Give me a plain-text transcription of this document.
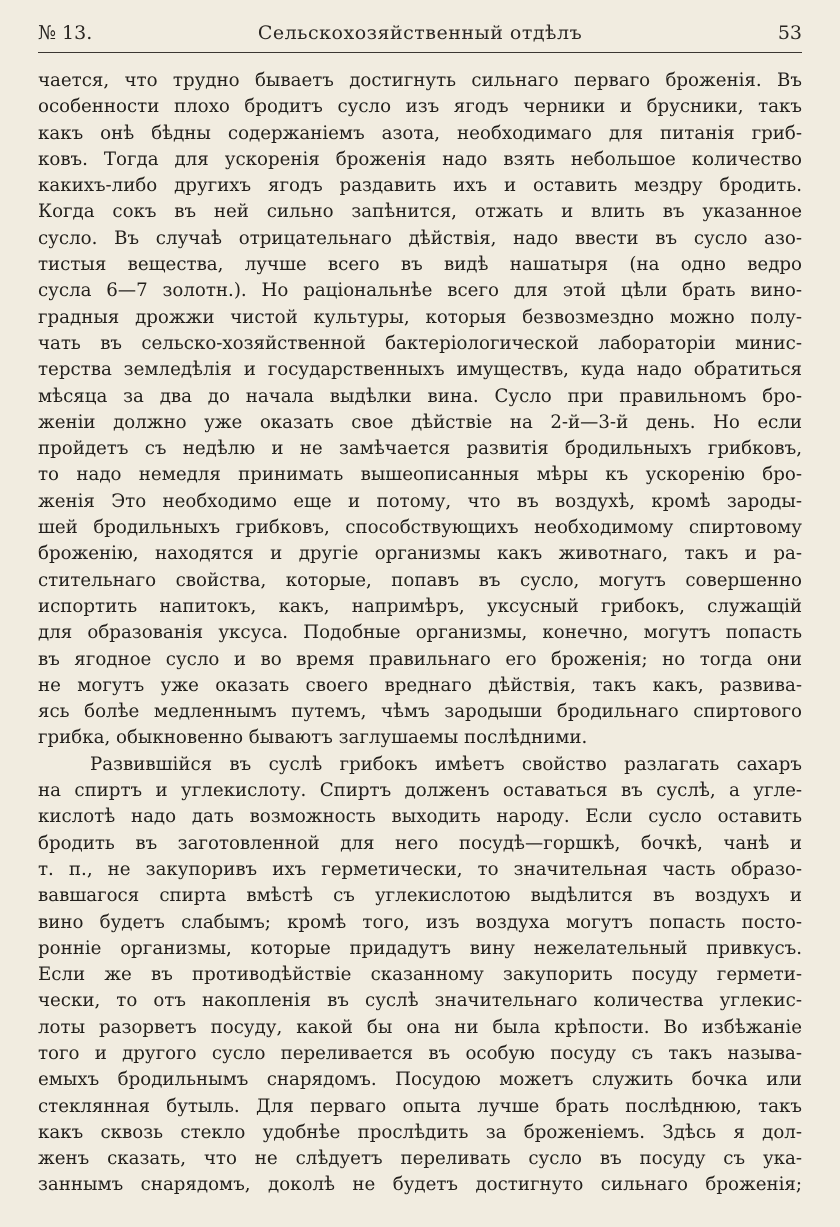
№ 13.	Сельскохозяйственный отдѣлъ	53
чается, что трудно бываетъ достигнуть сильнаго перваго броженія. Въ
особенности плохо бродитъ сусло изъ ягодъ черники и брусники, такъ
какъ онѣ бѣдны содержаніемъ азота, необходимаго для питанія гриб-
ковъ. Тогда для ускоренія броженія надо взять небольшое количество
какихъ-либо другихъ ягодъ раздавить ихъ и оставить мездру бродить.
Когда сокъ въ ней сильно запѣнится, отжать и влить въ указанное
сусло. Въ случаѣ отрицательнаго дѣйствія, надо ввести въ сусло азо-
тистыя вещества, лучше всего въ видѣ нашатыря (на одно ведро
сусла 6—7 золотн.). Но раціональнѣе всего для этой цѣли брать вино-
градныя дрожжи чистой культуры, которыя безвозмездно можно полу-
чать въ сельско-хозяйственной бактеріологической лабораторіи минис-
терства земледѣлія и государственныхъ имуществъ, куда надо обратиться
мѣсяца за два до начала выдѣлки вина. Сусло при правильномъ бро-
женіи должно уже оказать свое дѣйствіе на 2-й—3-й день. Но если
пройдетъ съ недѣлю и не замѣчается развитія бродильныхъ грибковъ,
то надо немедля принимать вышеописанныя мѣры къ ускоренію бро-
женія Это необходимо еще и потому, что въ воздухѣ, кромѣ зароды-
шей бродильныхъ грибковъ, способствующихъ необходимому спиртовому
броженію, находятся и другіе организмы какъ животнаго, такъ и ра-
стительнаго свойства, которые, попавъ въ сусло, могутъ совершенно
испортить напитокъ, какъ, напримѣръ, уксусный грибокъ, служащій
для образованія уксуса. Подобные организмы, конечно, могутъ попасть
въ ягодное сусло и во время правильнаго его броженія; но тогда они
не могутъ уже оказать своего вреднаго дѣйствія, такъ какъ, развива-
ясь болѣе медленнымъ путемъ, чѣмъ зародыши бродильнаго спиртового
грибка, обыкновенно бываютъ заглушаемы послѣдними.
Развившійся въ суслѣ грибокъ имѣетъ свойство разлагать сахаръ
на спиртъ и углекислоту. Спиртъ долженъ оставаться въ суслѣ, а угле-
кислотѣ надо дать возможность выходить народу. Если сусло оставить
бродить въ заготовленной для него посудѣ—горшкѣ, бочкѣ, чанѣ и
т. п., не закупоривъ ихъ герметически, то значительная часть образо-
вавшагося спирта вмѣстѣ съ углекислотою выдѣлится въ воздухъ и
вино будетъ слабымъ; кромѣ того, изъ воздуха могутъ попасть посто-
ронніе организмы, которые придадутъ вину нежелательный привкусъ.
Если же въ противодѣйствіе сказанному закупорить посуду гермети-
чески, то отъ накопленія въ суслѣ значительнаго количества углекис-
лоты разорветъ посуду, какой бы она ни была крѣпости. Во избѣжаніе
того и другого сусло переливается въ особую посуду съ такъ называ-
емыхъ бродильнымъ снарядомъ. Посудою можетъ служить бочка или
стеклянная бутыль. Для перваго опыта лучше брать послѣднюю, такъ
какъ сквозь стекло удобнѣе прослѣдить за броженіемъ. Здѣсь я дол-
женъ сказать, что не слѣдуетъ переливать сусло въ посуду съ ука-
заннымъ снарядомъ, доколѣ не будетъ достигнуто сильнаго броженія;
